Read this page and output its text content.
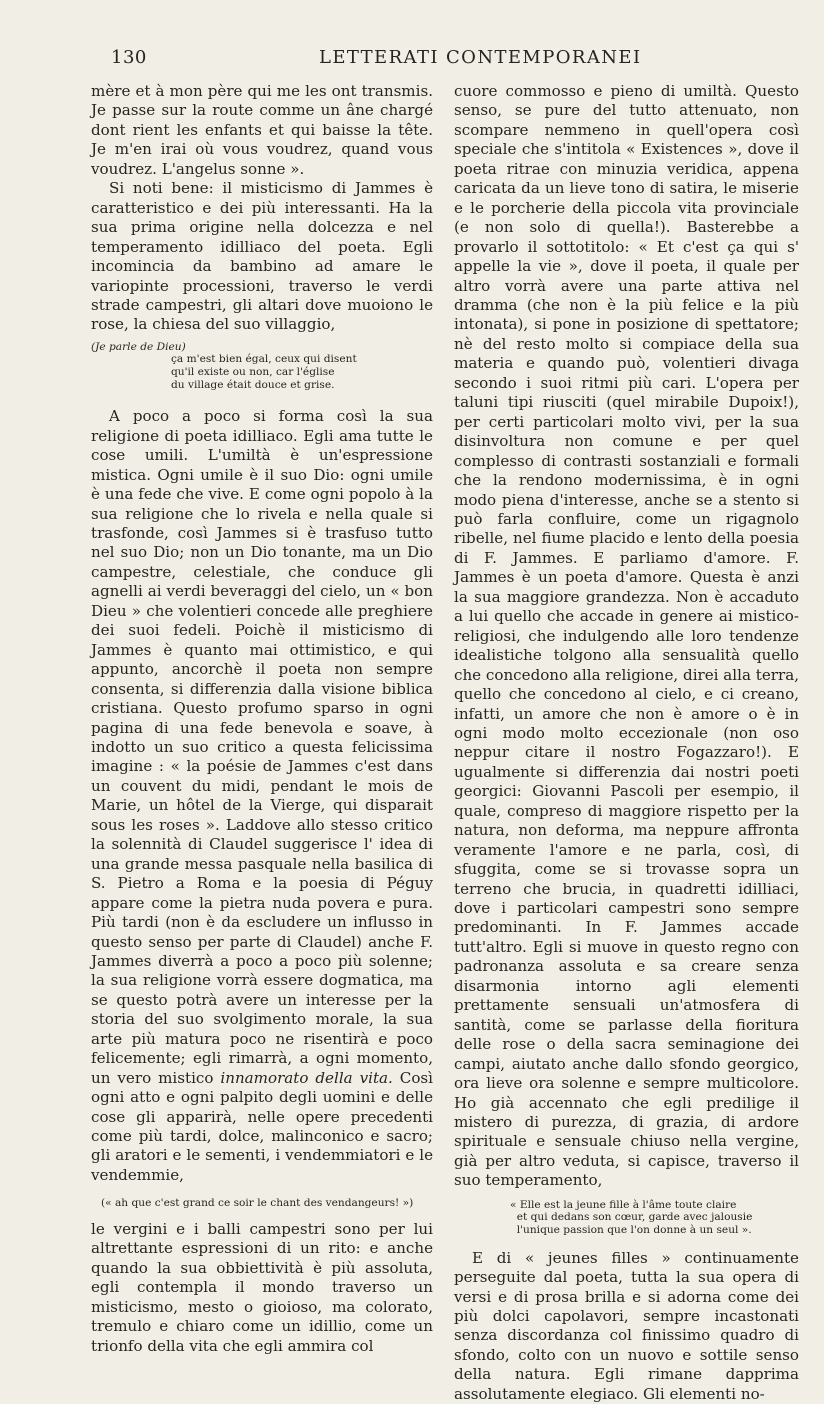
130	LETTERATI CONTEMPORANEI

mère et à mon père qui me les ont transmis. Je passe sur la route comme un âne chargé dont rient les enfants et qui baisse la tête. Je m'en irai où vous voudrez, quand vous voudrez. L'angelus sonne ».

Si noti bene: il misticismo di Jammes è caratteristico e dei più interessanti. Ha la sua prima origine nella dolcezza e nel temperamento idilliaco del poeta. Egli incomincia da bambino ad amare le variopinte processioni, traverso le verdi strade campestri, gli altari dove muoiono le rose, la chiesa del suo villaggio,

(Je parle de Dieu)
ça m'est bien égal, ceux qui disent
qu'il existe ou non, car l'église
du village était douce et grise.

A poco a poco si forma così la sua religione di poeta idilliaco. Egli ama tutte le cose umili. L'umiltà è un'espressione mistica. Ogni umile è il suo Dio: ogni umile è una fede che vive. E come ogni popolo à la sua religione che lo rivela e nella quale si trasfonde, così Jammes si è trasfuso tutto nel suo Dio; non un Dio tonante, ma un Dio campestre, celestiale, che conduce gli agnelli ai verdi beveraggi del cielo, un « bon Dieu » che volentieri concede alle preghiere dei suoi fedeli. Poichè il misticismo di Jammes è quanto mai ottimistico, e qui appunto, ancorchè il poeta non sempre consenta, si differenzia dalla visione biblica cristiana. Questo profumo sparso in ogni pagina di una fede benevola e soave, à indotto un suo critico a questa felicissima imagine : « la poésie de Jammes c'est dans un couvent du midi, pendant le mois de Marie, un hôtel de la Vierge, qui disparait sous les roses ». Laddove allo stesso critico la solennità di Claudel suggerisce l' idea di una grande messa pasquale nella basilica di S. Pietro a Roma e la poesia di Péguy appare come la pietra nuda povera e pura. Più tardi (non è da escludere un influsso in questo senso per parte di Claudel) anche F. Jammes diverrà a poco a poco più solenne; la sua religione vorrà essere dogmatica, ma se questo potrà avere un interesse per la storia del suo svolgimento morale, la sua arte più matura poco ne risentirà e poco felicemente; egli rimarrà, a ogni momento, un vero mistico innamorato della vita. Così ogni atto e ogni palpito degli uomini e delle cose gli apparirà, nelle opere precedenti come più tardi, dolce, malinconico e sacro; gli aratori e le sementi, i vendemmiatori e le vendemmie,

(« ah que c'est grand ce soir le chant des vendangeurs! »)

le vergini e i balli campestri sono per lui altrettante espressioni di un rito: e anche quando la sua obbiettività è più assoluta, egli contempla il mondo traverso un misticismo, mesto o gioioso, ma colorato, tremulo e chiaro come un idillio, come un trionfo della vita che egli ammira col

cuore commosso e pieno di umiltà. Questo senso, se pure del tutto attenuato, non scompare nemmeno in quell'opera così speciale che s'intitola « Existences », dove il poeta ritrae con minuzia veridica, appena caricata da un lieve tono di satira, le miserie e le porcherie della piccola vita provinciale (e non solo di quella!). Basterebbe a provarlo il sottotitolo: « Et c'est ça qui s' appelle la vie », dove il poeta, il quale per altro vorrà avere una parte attiva nel dramma (che non è la più felice e la più intonata), si pone in posizione di spettatore; nè del resto molto si compiace della sua materia e quando può, volentieri divaga secondo i suoi ritmi più cari. L'opera per taluni tipi riusciti (quel mirabile Dupoix!), per certi particolari molto vivi, per la sua disinvoltura non comune e per quel complesso di contrasti sostanziali e formali che la rendono modernissima, è in ogni modo piena d'interesse, anche se a stento si può farla confluire, come un rigagnolo ribelle, nel fiume placido e lento della poesia di F. Jammes. E parliamo d'amore. F. Jammes è un poeta d'amore. Questa è anzi la sua maggiore grandezza. Non è accaduto a lui quello che accade in genere ai mistico-religiosi, che indulgendo alle loro tendenze idealistiche tolgono alla sensualità quello che concedono alla religione, direi alla terra, quello che concedono al cielo, e ci creano, infatti, un amore che non è amore o è in ogni modo molto eccezionale (non oso neppur citare il nostro Fogazzaro!). E ugualmente si differenzia dai nostri poeti georgici: Giovanni Pascoli per esempio, il quale, compreso di maggiore rispetto per la natura, non deforma, ma neppure affronta veramente l'amore e ne parla, così, di sfuggita, come se si trovasse sopra un terreno che brucia, in quadretti idilliaci, dove i particolari campestri sono sempre predominanti. In F. Jammes accade tutt'altro. Egli si muove in questo regno con padronanza assoluta e sa creare senza disarmonia intorno agli elementi prettamente sensuali un'atmosfera di santità, come se parlasse della fioritura delle rose o della sacra seminagione dei campi, aiutato anche dallo sfondo georgico, ora lieve ora solenne e sempre multicolore. Ho già accennato che egli predilige il mistero di purezza, di grazia, di ardore spirituale e sensuale chiuso nella vergine, già per altro veduta, si capisce, traverso il suo temperamento,

« Elle est la jeune fille à l'âme toute claire
et qui dedans son cœur, garde avec jalousie
l'unique passion que l'on donne à un seul ».

E di « jeunes filles » continuamente perseguite dal poeta, tutta la sua opera di versi e di prosa brilla e si adorna come dei più dolci capolavori, sempre incastonati senza discordanza col finissimo quadro di sfondo, colto con un nuovo e sottile senso della natura. Egli rimane dapprima assolutamente elegiaco. Gli elementi no-
